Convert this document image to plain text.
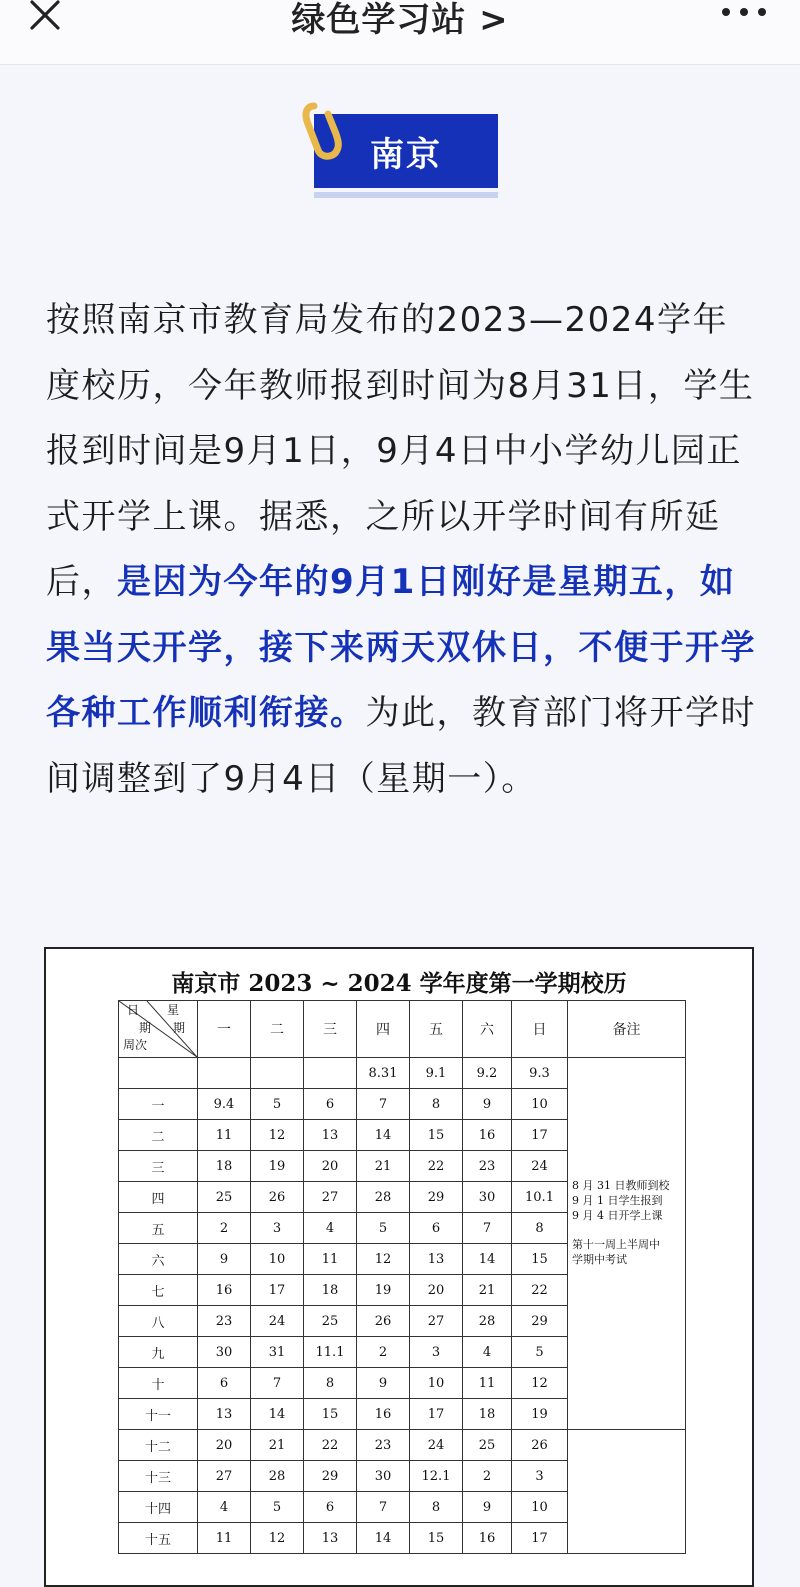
绿色学习站 >
南京

按照南京市教育局发布的2023—2024学年度校历，今年教师报到时间为8月31日，学生报到时间是9月1日，9月4日中小学幼儿园正式开学上课。据悉，之所以开学时间有所延后，是因为今年的9月1日刚好是星期五，如果当天开学，接下来两天双休日，不便于开学各种工作顺利衔接。为此，教育部门将开学时间调整到了9月4日（星期一）。

南京市 2023 ~ 2024 学年度第一学期校历
星
日
期 期
周次	一	二	三	四	五	六	日	备注
				8.31	9.1	9.2	9.3	8 月 31 日教师到校

9 月 1 日学生报到

9 月 4 日开学上课

第十一周上半周中

学期中考试

一	9.4	5	6	7	8	9	10	
二	11	12	13	14	15	16	17	
三	18	19	20	21	22	23	24	
四	25	26	27	28	29	30	10.1	
五	2	3	4	5	6	7	8	
六	9	10	11	12	13	14	15	
七	16	17	18	19	20	21	22	
八	23	24	25	26	27	28	29	
九	30	31	11.1	2	3	4	5	
十	6	7	8	9	10	11	12	
十一	13	14	15	16	17	18	19	
十二	20	21	22	23	24	25	26	
十三	27	28	29	30	12.1	2	3	
十四	4	5	6	7	8	9	10	
十五	11	12	13	14	15	16	17	
